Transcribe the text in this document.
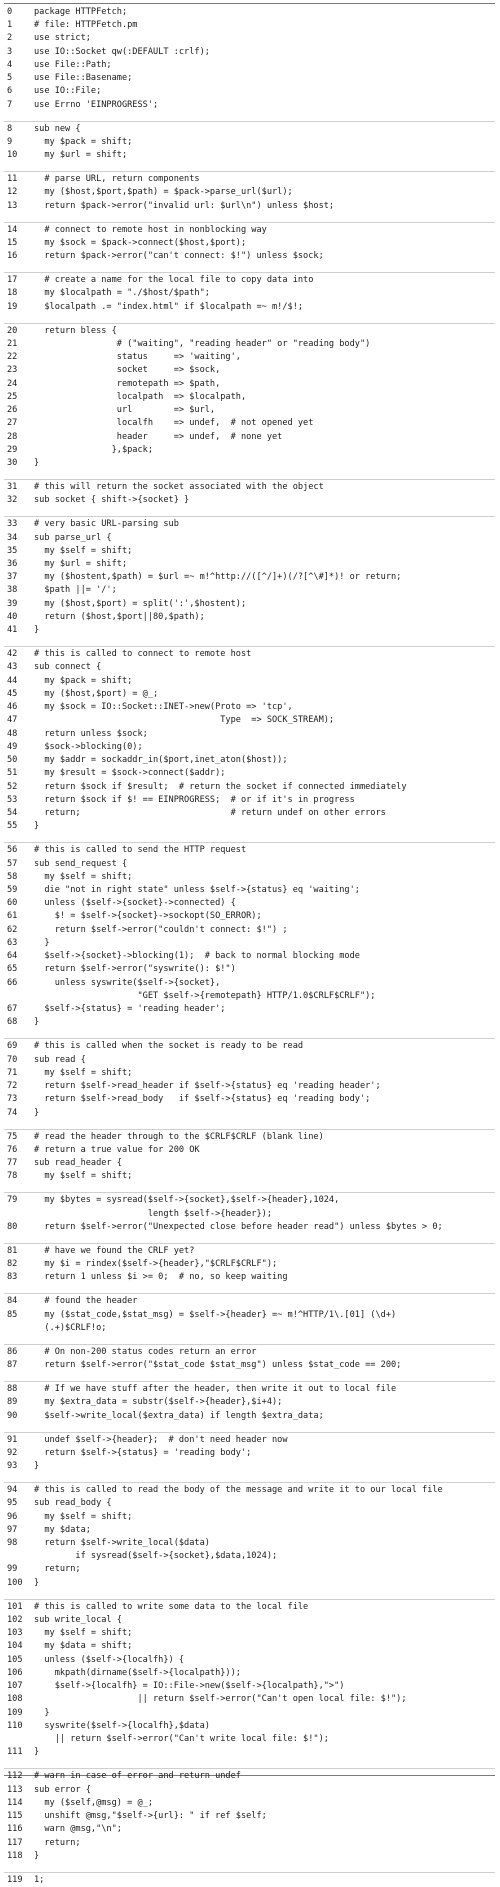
0	package HTTPFetch;
1	# file: HTTPFetch.pm
2	use strict;
3	use IO::Socket qw(:DEFAULT :crlf);
4	use File::Path;
5	use File::Basename;
6	use IO::File;
7	use Errno 'EINPROGRESS';
8	sub new {
9	my $pack = shift;
10	my $url = shift;
11	# parse URL, return components
12	my ($host,$port,$path) = $pack->parse_url($url);
13	return $pack->error("invalid url: $url\n") unless $host;
14	# connect to remote host in nonblocking way
15	my $sock = $pack->connect($host,$port);
16	return $pack->error("can't connect: $!") unless $sock;
17	# create a name for the local file to copy data into
18	my $localpath = "./$host/$path";
19	$localpath .= "index.html" if $localpath =~ m!/$!;
20	return bless {
21	# ("waiting", "reading header" or "reading body")
22	status     => 'waiting',
23	socket     => $sock,
24	remotepath => $path,
25	localpath  => $localpath,
26	url        => $url,
27	localfh    => undef,  # not opened yet
28	header     => undef,  # none yet
29	},$pack;
30	}
31	# this will return the socket associated with the object
32	sub socket { shift->{socket} }
33	# very basic URL-parsing sub
34	sub parse_url {
35	my $self = shift;
36	my $url = shift;
37	my ($hostent,$path) = $url =~ m!^http://([^/]+)(/?[^\#]*)! or return;
38	$path ||= '/';
39	my ($host,$port) = split(':',$hostent);
40	return ($host,$port||80,$path);
41	}
42	# this is called to connect to remote host
43	sub connect {
44	my $pack = shift;
45	my ($host,$port) = @_;
46	my $sock = IO::Socket::INET->new(Proto => 'tcp',
47	Type  => SOCK_STREAM);
48	return unless $sock;
49	$sock->blocking(0);
50	my $addr = sockaddr_in($port,inet_aton($host));
51	my $result = $sock->connect($addr);
52	return $sock if $result;  # return the socket if connected immediately
53	return $sock if $! == EINPROGRESS;  # or if it's in progress
54	return;                             # return undef on other errors
55	}
56	# this is called to send the HTTP request
57	sub send_request {
58	my $self = shift;
59	die "not in right state" unless $self->{status} eq 'waiting';
60	unless ($self->{socket}->connected) {
61	$! = $self->{socket}->sockopt(SO_ERROR);
62	return $self->error("couldn't connect: $!") ;
63	}
64	$self->{socket}->blocking(1);  # back to normal blocking mode
65	return $self->error("syswrite(): $!")
66	unless syswrite($self->{socket},
"GET $self->{remotepath} HTTP/1.0$CRLF$CRLF");
67	$self->{status} = 'reading header';
68	}
69	# this is called when the socket is ready to be read
70	sub read {
71	my $self = shift;
72	return $self->read_header if $self->{status} eq 'reading header';
73	return $self->read_body   if $self->{status} eq 'reading body';
74	}
75	# read the header through to the $CRLF$CRLF (blank line)
76	# return a true value for 200 OK
77	sub read_header {
78	my $self = shift;
79	my $bytes = sysread($self->{socket},$self->{header},1024,
length $self->{header});
80	return $self->error("Unexpected close before header read") unless $bytes > 0;
81	# have we found the CRLF yet?
82	my $i = rindex($self->{header},"$CRLF$CRLF");
83	return 1 unless $i >= 0;  # no, so keep waiting
84	# found the header
85	my ($stat_code,$stat_msg) = $self->{header} =~ m!^HTTP/1\.[01] (\d+)
(.+)$CRLF!o;
86	# On non-200 status codes return an error
87	return $self->error("$stat_code $stat_msg") unless $stat_code == 200;
88	# If we have stuff after the header, then write it out to local file
89	my $extra_data = substr($self->{header},$i+4);
90	$self->write_local($extra_data) if length $extra_data;
91	undef $self->{header};  # don't need header now
92	return $self->{status} = 'reading body';
93	}
94	# this is called to read the body of the message and write it to our local file
95	sub read_body {
96	my $self = shift;
97	my $data;
98	return $self->write_local($data)
if sysread($self->{socket},$data,1024);
99	return;
100	}
101	# this is called to write some data to the local file
102	sub write_local {
103	my $self = shift;
104	my $data = shift;
105	unless ($self->{localfh}) {
106	mkpath(dirname($self->{localpath}));
107	$self->{localfh} = IO::File->new($self->{localpath},">")
108	|| return $self->error("Can't open local file: $!");
109	}
110	syswrite($self->{localfh},$data)
|| return $self->error("Can't write local file: $!");
111	}
112	# warn in case of error and return undef
113	sub error {
114	my ($self,@msg) = @_;
115	unshift @msg,"$self->{url}: " if ref $self;
116	warn @msg,"\n";
117	return;
118	}
119	1;
